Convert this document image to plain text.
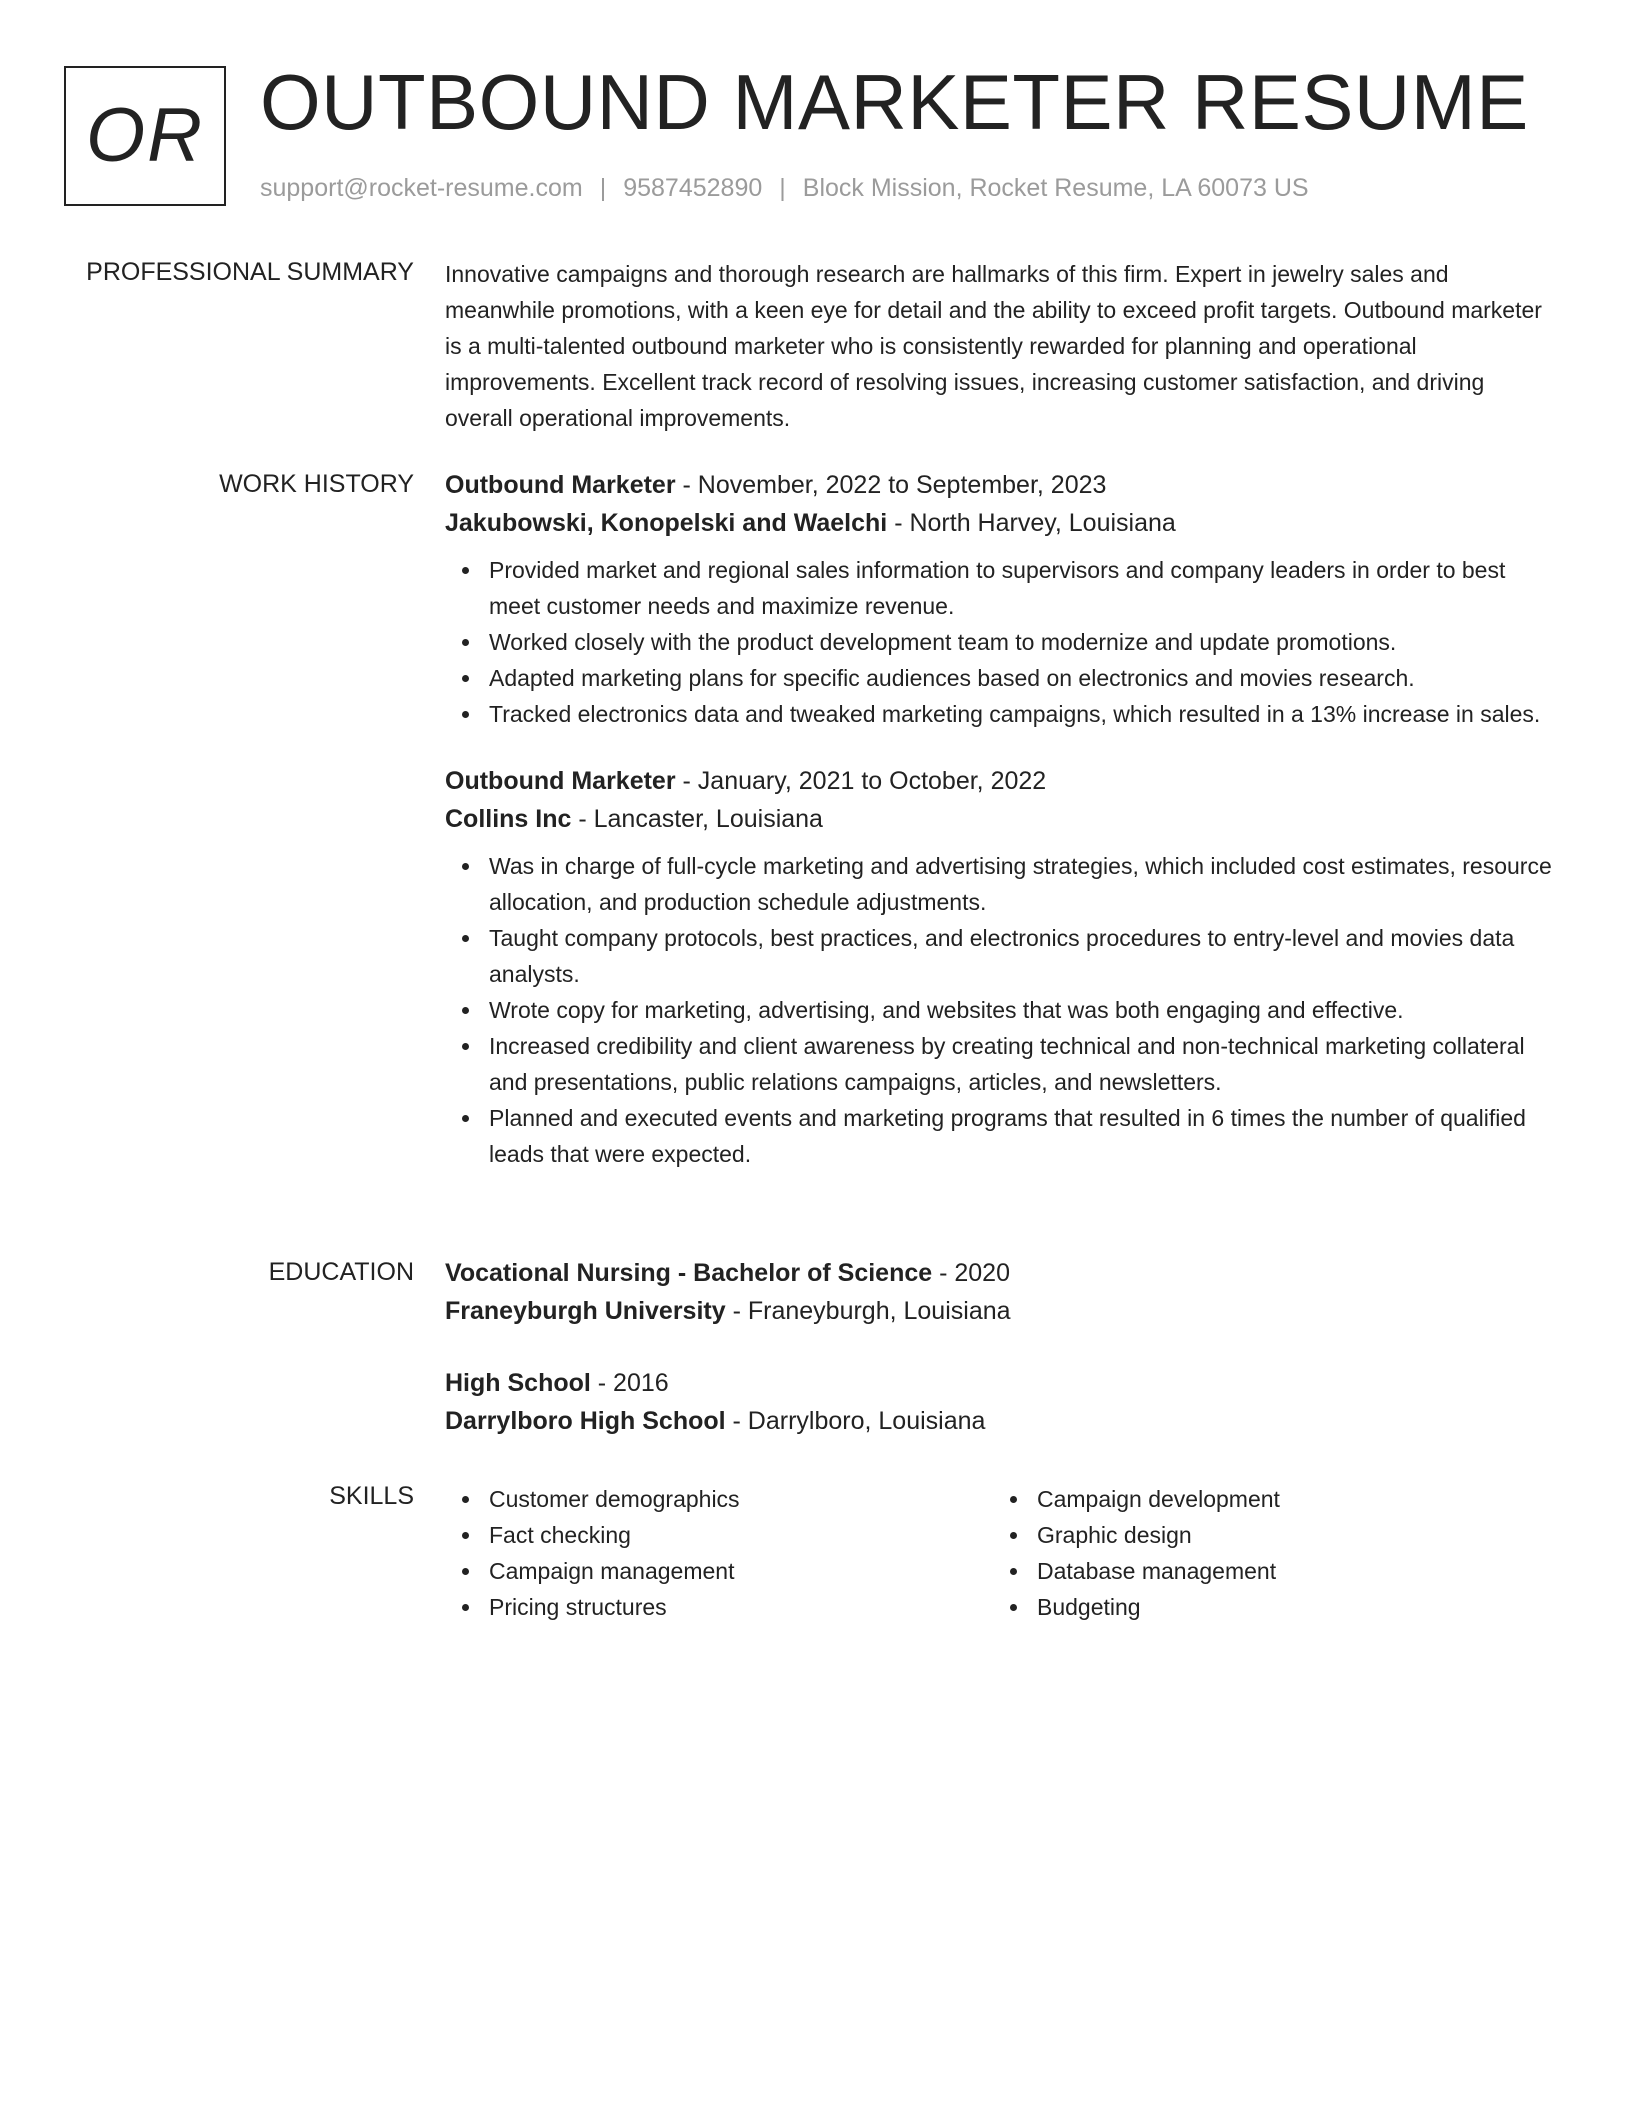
OR OUTBOUND MARKETER RESUME
support@rocket-resume.com | 9587452890 | Block Mission, Rocket Resume, LA 60073 US
PROFESSIONAL SUMMARY Innovative campaigns and thorough research are hallmarks of this firm. Expert in jewelry sales and meanwhile promotions, with a keen eye for detail and the ability to exceed profit targets. Outbound marketer is a multi-talented outbound marketer who is consistently rewarded for planning and operational improvements. Excellent track record of resolving issues, increasing customer satisfaction, and driving overall operational improvements.

WORK HISTORY Outbound Marketer - November, 2022 to September, 2023
Jakubowski, Konopelski and Waelchi - North Harvey, Louisiana
Provided market and regional sales information to supervisors and company leaders in order to best meet customer needs and maximize revenue.
Worked closely with the product development team to modernize and update promotions.
Adapted marketing plans for specific audiences based on electronics and movies research.
Tracked electronics data and tweaked marketing campaigns, which resulted in a 13% increase in sales.
Outbound Marketer - January, 2021 to October, 2022
Collins Inc - Lancaster, Louisiana
Was in charge of full-cycle marketing and advertising strategies, which included cost estimates, resource allocation, and production schedule adjustments.
Taught company protocols, best practices, and electronics procedures to entry-level and movies data analysts.
Wrote copy for marketing, advertising, and websites that was both engaging and effective.
Increased credibility and client awareness by creating technical and non-technical marketing collateral and presentations, public relations campaigns, articles, and newsletters.
Planned and executed events and marketing programs that resulted in 6 times the number of qualified leads that were expected.
EDUCATION Vocational Nursing - Bachelor of Science - 2020
Franeyburgh University - Franeyburgh, Louisiana
High School - 2016
Darrylboro High School - Darrylboro, Louisiana
SKILLS	Customer demographics
Fact checking
Campaign management
Pricing structures
Campaign development
Graphic design
Database management
Budgeting
